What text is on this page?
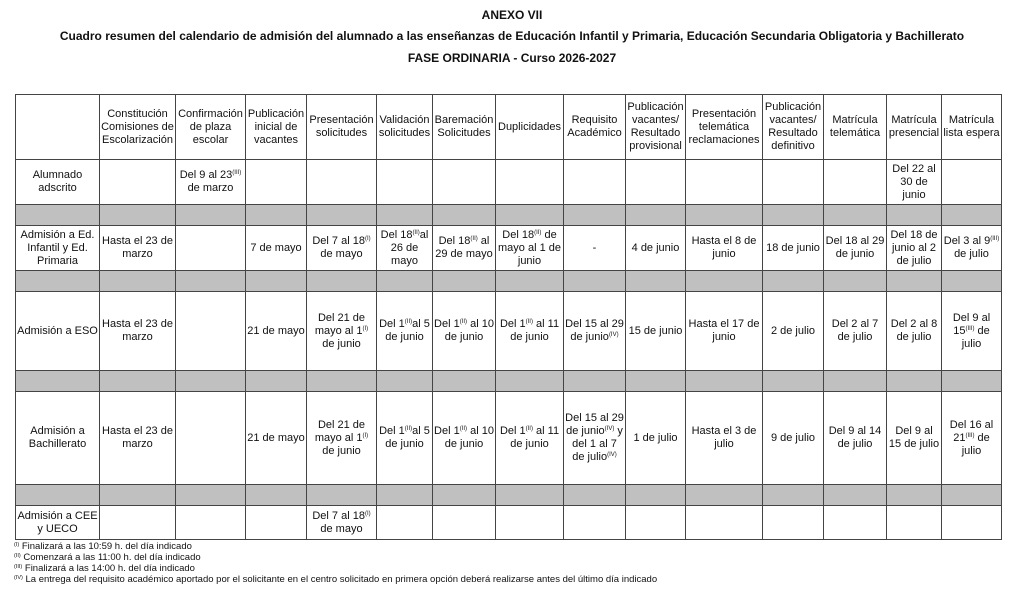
ANEXO VII
Cuadro resumen del calendario de admisión del alumnado a las enseñanzas de Educación Infantil y Primaria, Educación Secundaria Obligatoria y Bachillerato
FASE ORDINARIA - Curso 2026-2027
	Constitución Comisiones de Escolarización	Confirmación de plaza escolar	Publicación inicial de vacantes	Presentación solicitudes	Validación solicitudes	Baremación Solicitudes	Duplicidades	Requisito Académico	Publicación vacantes/ Resultado provisional	Presentación telemática reclamaciones	Publicación vacantes/ Resultado definitivo	Matrícula telemática	Matrícula presencial	Matrícula lista espera
Alumnado adscrito		Del 9 al $23^{(III)}$ de marzo											Del 22 al 30 de junio	

Admisión a Ed. Infantil y Ed. Primaria	Hasta el 23 de marzo		7 de mayo	Del 7 al $18^{(I)}$ de mayo	Del $18^{(II)}al$ 26 de mayo	Del $18^{(II)}$ al 29 de mayo	Del $18^{(II)}$ de mayo al 1 de junio	-	4 de junio	Hasta el 8 de junio	18 de junio	Del 18 al 29 de junio	Del 18 de junio al 2 de julio	Del 3 al $9^{(III)}$ de julio

Admisión a ESO	Hasta el 23 de marzo		21 de mayo	Del 21 de mayo al $1^{(I)}$ de junio	Del $1^{(II)}al$ 5 de junio	Del $1^{(II)}$ al 10 de junio	Del $1^{(II)}$ al 11 de junio	Del 15 al 29 de junio$^{(IV)}$	15 de junio	Hasta el 17 de junio	2 de julio	Del 2 al 7 de julio	Del 2 al 8 de julio	Del 9 al $15^{(III)}$ de julio

Admisión a Bachillerato	Hasta el 23 de marzo		21 de mayo	Del 21 de mayo al $1^{(I)}$ de junio	Del $1^{(II)}al$ 5 de junio	Del $1^{(II)}$ al 10 de junio	Del $1^{(II)}$ al 11 de junio	Del 15 al 29 de junio$^{(IV)}$ y del 1 al 7 de julio$^{(IV)}$	1 de julio	Hasta el 3 de julio	9 de julio	Del 9 al 14 de julio	Del 9 al 15 de julio	Del 16 al $21^{(III)}$ de julio

Admisión a CEE y UECO				Del 7 al $18^{(I)}$ de mayo										
$^{(I)}$ Finalizará a las 10:59 h. del día indicado
$^{(II)}$ Comenzará a las 11:00 h. del día indicado
$^{(III)}$ Finalizará a las 14:00 h. del día indicado
$^{(IV)}$ La entrega del requisito académico aportado por el solicitante en el centro solicitado en primera opción deberá realizarse antes del último día indicado
